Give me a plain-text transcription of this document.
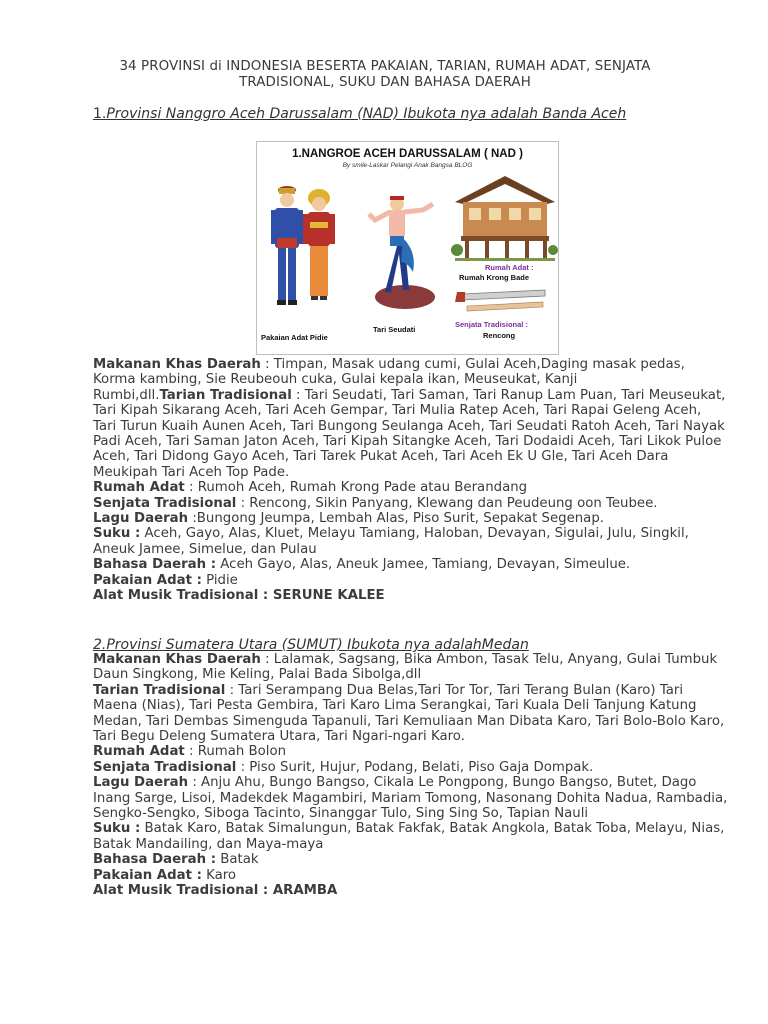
34 PROVINSI di INDONESIA BESERTA PAKAIAN, TARIAN, RUMAH ADAT, SENJATA
TRADISIONAL, SUKU DAN BAHASA DAERAH
1.Provinsi Nanggro Aceh Darussalam (NAD) Ibukota nya adalah Banda Aceh
1.NANGROE ACEH DARUSSALAM ( NAD )
By smile-Laskar Pelangi Anak Bangsa BLOG
Pakaian Adat Pidie
Tari Seudati
Rumah Adat :
Rumah Krong Bade
Senjata Tradisional :
Rencong

Makanan Khas Daerah : Timpan, Masak udang cumi, Gulai Aceh,Daging masak pedas,

Korma kambing, Sie Reubeouh cuka, Gulai kepala ikan, Meuseukat, Kanji

Rumbi,dll.Tarian Tradisional : Tari Seudati, Tari Saman, Tari Ranup Lam Puan, Tari Meuseukat, Tari Kipah Sikarang Aceh, Tari Aceh Gempar, Tari Mulia Ratep Aceh, Tari Rapai Geleng Aceh, Tari Turun Kuaih Aunen Aceh, Tari Bungong Seulanga Aceh, Tari Seudati Ratoh Aceh, Tari Nayak Padi Aceh, Tari Saman Jaton Aceh, Tari Kipah Sitangke Aceh, Tari Dodaidi Aceh, Tari Likok Puloe Aceh, Tari Didong Gayo Aceh, Tari Tarek Pukat Aceh, Tari Aceh Ek U Gle, Tari Aceh Dara Meukipah Tari Aceh Top Pade.

Rumah Adat : Rumoh Aceh, Rumah Krong Pade atau Berandang

Senjata Tradisional : Rencong, Sikin Panyang, Klewang dan Peudeung oon Teubee.

Lagu Daerah :Bungong Jeumpa, Lembah Alas, Piso Surit, Sepakat Segenap.

Suku : Aceh, Gayo, Alas, Kluet, Melayu Tamiang, Haloban, Devayan, Sigulai, Julu, Singkil, Aneuk Jamee, Simelue, dan Pulau

Bahasa Daerah : Aceh Gayo, Alas, Aneuk Jamee, Tamiang, Devayan, Simeulue.

Pakaian Adat : Pidie

Alat Musik Tradisional : SERUNE KALEE

2.Provinsi Sumatera Utara (SUMUT) Ibukota nya adalahMedan

Makanan Khas Daerah : Lalamak, Sagsang, Bika Ambon, Tasak Telu, Anyang, Gulai Tumbuk Daun Singkong, Mie Keling, Palai Bada Sibolga,dll

Tarian Tradisional : Tari Serampang Dua Belas,Tari Tor Tor, Tari Terang Bulan (Karo) Tari Maena (Nias), Tari Pesta Gembira, Tari Karo Lima Serangkai, Tari Kuala Deli Tanjung Katung Medan, Tari Dembas Simenguda Tapanuli, Tari Kemuliaan Man Dibata Karo, Tari Bolo-Bolo Karo, Tari Begu Deleng Sumatera Utara, Tari Ngari-ngari Karo.

Rumah Adat : Rumah Bolon

Senjata Tradisional : Piso Surit, Hujur, Podang, Belati, Piso Gaja Dompak.

Lagu Daerah : Anju Ahu, Bungo Bangso, Cikala Le Pongpong, Bungo Bangso, Butet, Dago Inang Sarge, Lisoi, Madekdek Magambiri, Mariam Tomong, Nasonang Dohita Nadua, Rambadia, Sengko-Sengko, Siboga Tacinto, Sinanggar Tulo, Sing Sing So, Tapian Nauli

Suku : Batak Karo, Batak Simalungun, Batak Fakfak, Batak Angkola, Batak Toba, Melayu, Nias, Batak Mandailing, dan Maya-maya

Bahasa Daerah : Batak

Pakaian Adat : Karo

Alat Musik Tradisional : ARAMBA
